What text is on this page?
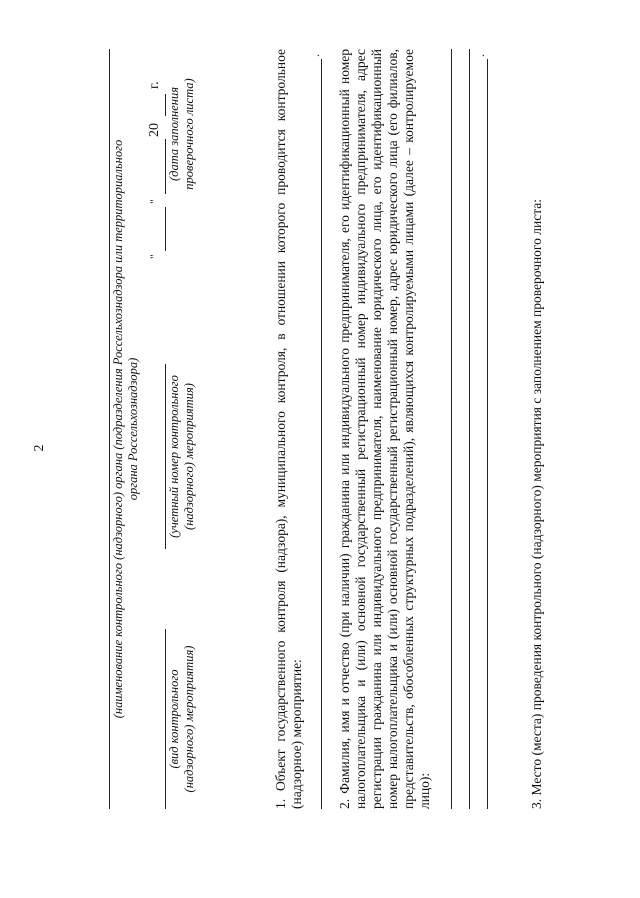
2	(наименование контрольного (надзорного) органа (подразделения Россельхознадзора или территориального органа Россельхознадзора)
(вид контрольного (надзорного) мероприятия)
(учетный номер контрольного (надзорного) мероприятия)
"
"
20
г.
(дата заполнения проверочного листа)	1. Объект государственного контроля (надзора), муниципального контроля, в отношении которого проводится контрольное (надзорное) мероприятие:
. 2. Фамилия, имя и отчество (при наличии) гражданина или индивидуального предпринимателя, его идентификационный номер налогоплательщика и (или) основной государственный регистрационный номер индивидуального предпринимателя, адрес регистрации гражданина или индивидуального предпринимателя, наименование юридического лица, его идентификационный номер налогоплательщика и (или) основной государственный регистрационный номер, адрес юридического лица (его филиалов, представительств, обособленных структурных подразделений), являющихся контролируемыми лицами (далее – контролируемое лицо):
.
3. Место (места) проведения контрольного (надзорного) мероприятия с заполнением проверочного листа:
